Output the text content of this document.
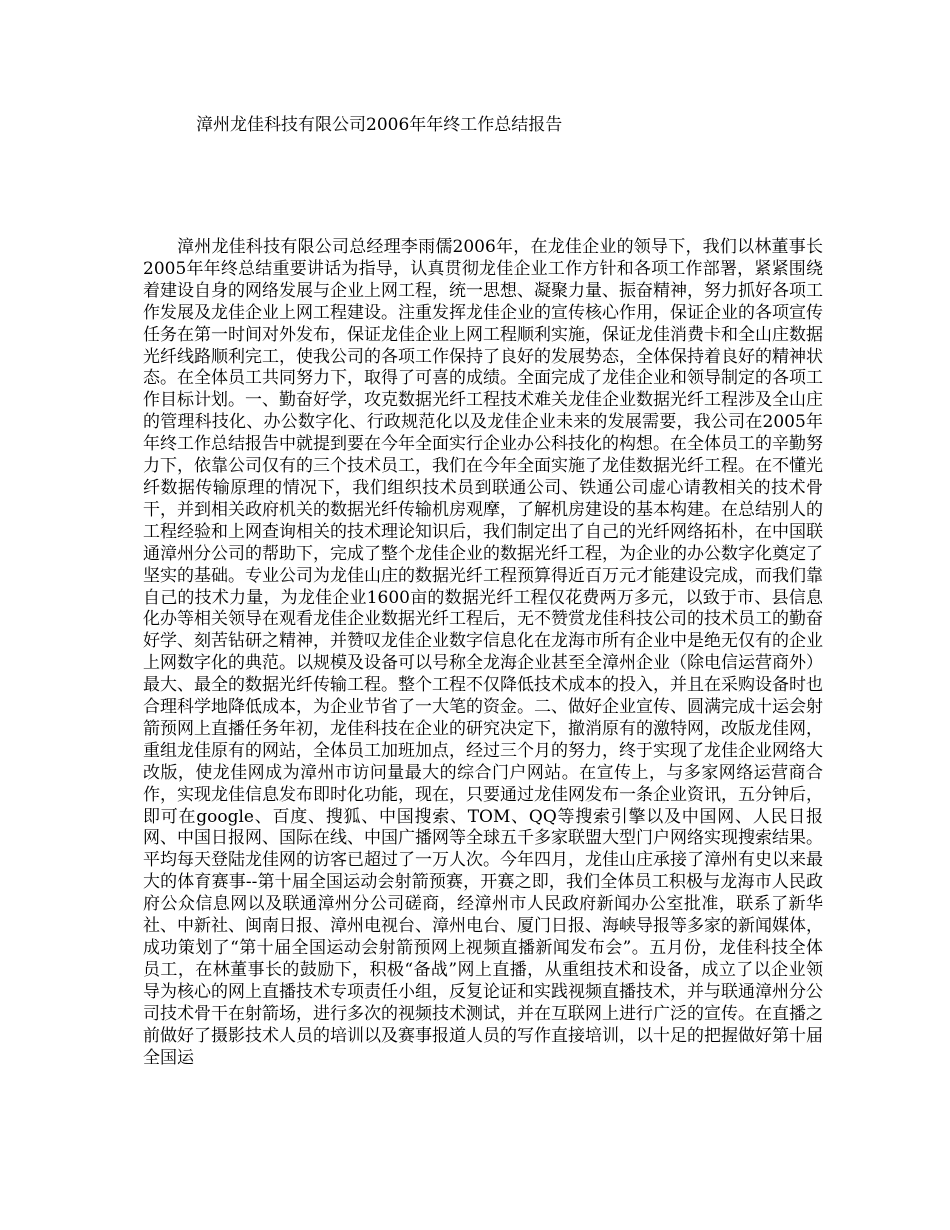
漳州龙佳科技有限公司2006年年终工作总结报告

漳州龙佳科技有限公司总经理李雨儒2006年，在龙佳企业的领导下，我们以林董事长2005年年终总结重要讲话为指导，认真贯彻龙佳企业工作方针和各项工作部署，紧紧围绕着建设自身的网络发展与企业上网工程，统一思想、凝聚力量、振奋精神，努力抓好各项工作发展及龙佳企业上网工程建设。注重发挥龙佳企业的宣传核心作用，保证企业的各项宣传任务在第一时间对外发布，保证龙佳企业上网工程顺利实施，保证龙佳消费卡和全山庄数据光纤线路顺利完工，使我公司的各项工作保持了良好的发展势态，全体保持着良好的精神状态。在全体员工共同努力下，取得了可喜的成绩。全面完成了龙佳企业和领导制定的各项工作目标计划。一、勤奋好学，攻克数据光纤工程技术难关龙佳企业数据光纤工程涉及全山庄的管理科技化、办公数字化、行政规范化以及龙佳企业未来的发展需要，我公司在2005年年终工作总结报告中就提到要在今年全面实行企业办公科技化的构想。在全体员工的辛勤努力下，依靠公司仅有的三个技术员工，我们在今年全面实施了龙佳数据光纤工程。在不懂光纤数据传输原理的情况下，我们组织技术员到联通公司、铁通公司虚心请教相关的技术骨干，并到相关政府机关的数据光纤传输机房观摩，了解机房建设的基本构建。在总结别人的工程经验和上网查询相关的技术理论知识后，我们制定出了自己的光纤网络拓朴，在中国联通漳州分公司的帮助下，完成了整个龙佳企业的数据光纤工程，为企业的办公数字化奠定了坚实的基础。专业公司为龙佳山庄的数据光纤工程预算得近百万元才能建设完成，而我们靠自己的技术力量，为龙佳企业1600亩的数据光纤工程仅花费两万多元，以致于市、县信息化办等相关领导在观看龙佳企业数据光纤工程后，无不赞赏龙佳科技公司的技术员工的勤奋好学、刻苦钻研之精神，并赞叹龙佳企业数字信息化在龙海市所有企业中是绝无仅有的企业上网数字化的典范。以规模及设备可以号称全龙海企业甚至全漳州企业（除电信运营商外）最大、最全的数据光纤传输工程。整个工程不仅降低技术成本的投入，并且在采购设备时也合理科学地降低成本，为企业节省了一大笔的资金。二、做好企业宣传、圆满完成十运会射箭预网上直播任务年初，龙佳科技在企业的研究决定下，撤消原有的激特网，改版龙佳网，重组龙佳原有的网站，全体员工加班加点，经过三个月的努力，终于实现了龙佳企业网络大改版，使龙佳网成为漳州市访问量最大的综合门户网站。在宣传上，与多家网络运营商合作，实现龙佳信息发布即时化功能，现在，只要通过龙佳网发布一条企业资讯，五分钟后，即可在google、百度、搜狐、中国搜索、TOM、QQ等搜索引擎以及中国网、人民日报网、中国日报网、国际在线、中国广播网等全球五千多家联盟大型门户网络实现搜索结果。平均每天登陆龙佳网的访客已超过了一万人次。今年四月，龙佳山庄承接了漳州有史以来最大的体育赛事--第十届全国运动会射箭预赛，开赛之即，我们全体员工积极与龙海市人民政府公众信息网以及联通漳州分公司磋商，经漳州市人民政府新闻办公室批准，联系了新华社、中新社、闽南日报、漳州电视台、漳州电台、厦门日报、海峡导报等多家的新闻媒体，成功策划了“第十届全国运动会射箭预网上视频直播新闻发布会”。五月份，龙佳科技全体员工，在林董事长的鼓励下，积极“备战”网上直播，从重组技术和设备，成立了以企业领导为核心的网上直播技术专项责任小组，反复论证和实践视频直播技术，并与联通漳州分公司技术骨干在射箭场，进行多次的视频技术测试，并在互联网上进行广泛的宣传。在直播之前做好了摄影技术人员的培训以及赛事报道人员的写作直接培训，以十足的把握做好第十届全国运
